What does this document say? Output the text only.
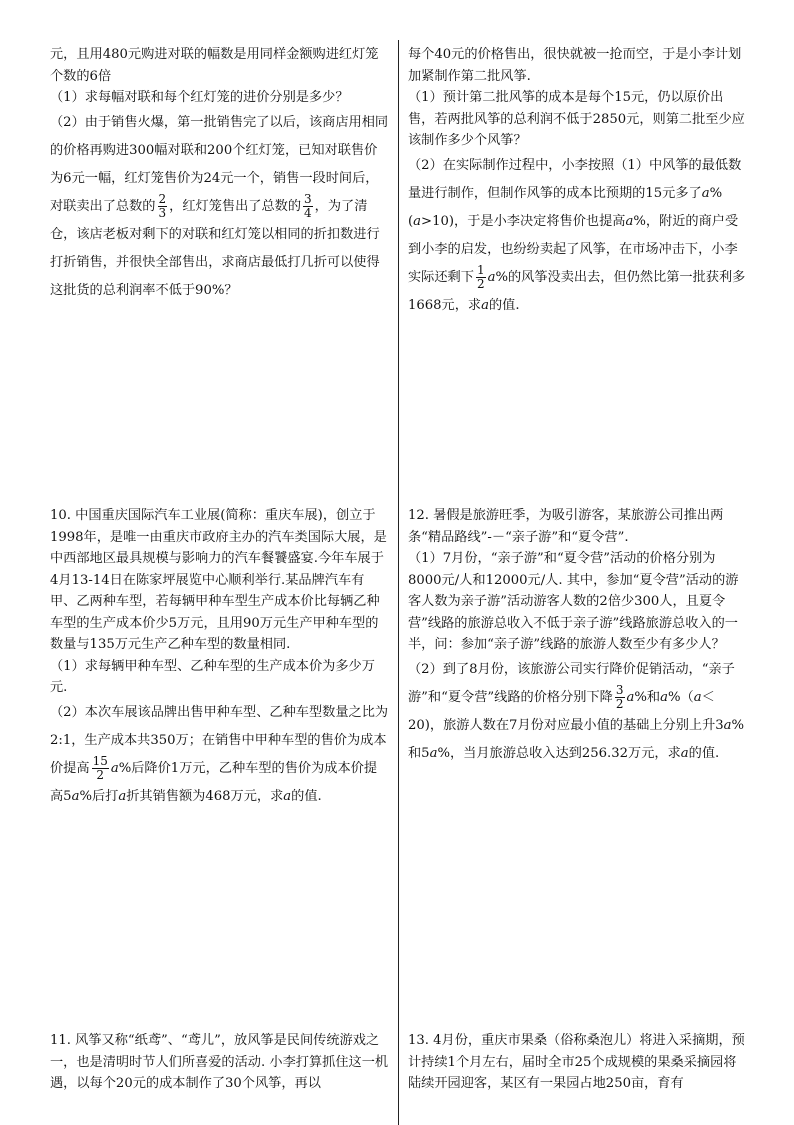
元，且用480元购进对联的幅数是用同样金额购进红灯笼个数的6倍

（1）求每幅对联和每个红灯笼的进价分别是多少？

（2）由于销售火爆，第一批销售完了以后，该商店用相同的价格再购进300幅对联和200个红灯笼，已知对联售价为6元一幅，红灯笼售价为24元一个，销售一段时间后，对联卖出了总数的 $\frac{2}{3}$ ，红灯笼售出了总数的 $\frac{3}{4}$ ，为了清仓，该店老板对剩下的对联和红灯笼以相同的折扣数进行打折销售，并很快全部售出，求商店最低打几折可以使得这批货的总利润率不低于90%？

每个40元的价格售出，很快就被一抢而空，于是小李计划加紧制作第二批风筝.

（1）预计第二批风筝的成本是每个15元，仍以原价出售，若两批风筝的总利润不低于2850元，则第二批至少应该制作多少个风筝？

（2）在实际制作过程中，小李按照（1）中风筝的最低数量进行制作，但制作风筝的成本比预期的15元多了a%(a>10)，于是小李决定将售价也提高a%，附近的商户受到小李的启发，也纷纷卖起了风筝，在市场冲击下，小李实际还剩下 $\frac{1}{2} a\%$的风筝没卖出去，但仍然比第一批获利多1668元，求a的值.

10. 中国重庆国际汽车工业展(简称：重庆车展)，创立于1998年，是唯一由重庆市政府主办的汽车类国际大展，是中西部地区最具规模与影响力的汽车餐饕盛宴.今年车展于4月13-14日在陈家坪展览中心顺利举行.某品牌汽车有甲、乙两种车型，若每辆甲种车型生产成本价比每辆乙种车型的生产成本价少5万元，且用90万元生产甲种车型的数量与135万元生产乙种车型的数量相同.

（1）求每辆甲种车型、乙种车型的生产成本价为多少万元.

（2）本次车展该品牌出售甲种车型、乙种车型数量之比为2:1，生产成本共350万；在销售中甲种车型的售价为成本价提高 $\frac{15}{2} a\%$后降价1万元，乙种车型的售价为成本价提高5a%后打a折其销售额为468万元，求a的值.

12. 暑假是旅游旺季，为吸引游客，某旅游公司推出两条“精品路线”-－“亲子游”和“夏令营”.

（1）7月份，“亲子游”和“夏令营”活动的价格分别为8000元/人和12000元/人. 其中，参加“夏令营”活动的游客人数为亲子游”活动游客人数的2倍少300人，且夏令营”线路的旅游总收入不低于亲子游”线路旅游总收入的一半，问：参加“亲子游”线路的旅游人数至少有多少人？

（2）到了8月份，该旅游公司实行降价促销活动，“亲子游”和“夏令营”线路的价格分别下降 $\frac{3}{2} a\%$和a%（a＜20)，旅游人数在7月份对应最小值的基础上分别上升3a%和5a%，当月旅游总收入达到256.32万元，求a的值.

11. 风筝又称“纸鸢”、“鸢儿”，放风筝是民间传统游戏之一，也是清明时节人们所喜爱的活动. 小李打算抓住这一机遇，以每个20元的成本制作了30个风筝，再以

13. 4月份，重庆市果桑（俗称桑泡儿）将进入采摘期，预计持续1个月左右，届时全市25个成规模的果桑采摘园将陆续开园迎客，某区有一果园占地250亩，育有
